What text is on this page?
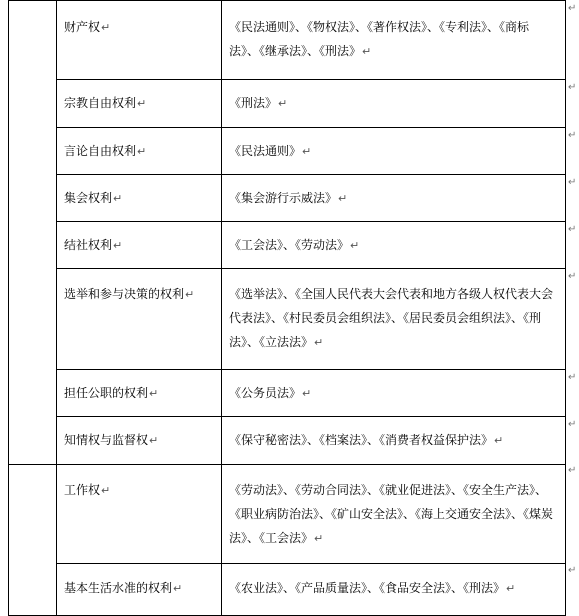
	财产权↵	《民法通则》、《物权法》、《著作权法》、《专利法》、《商标法》、《继承法》、《刑法》↵

	宗教自由权利↵	《刑法》↵

	言论自由权利↵	《民法通则》↵

	集会权利↵	《集会游行示威法》↵

	结社权利↵	《工会法》、《劳动法》↵

	选举和参与决策的权利↵	《选举法》、《全国人民代表大会代表和地方各级人权代表大会代表法》、《村民委员会组织法》、《居民委员会组织法》、《刑法》、《立法法》↵

	担任公职的权利↵	《公务员法》↵

	知情权与监督权↵	《保守秘密法》、《档案法》、《消费者权益保护法》↵

	工作权↵	《劳动法》、《劳动合同法》、《就业促进法》、《安全生产法》、《职业病防治法》、《矿山安全法》、《海上交通安全法》、《煤炭法》、《工会法》↵

	基本生活水准的权利↵	《农业法》、《产品质量法》、《食品安全法》、《刑法》↵
↵
↵
↵
↵
↵
↵
↵
↵
↵
↵
